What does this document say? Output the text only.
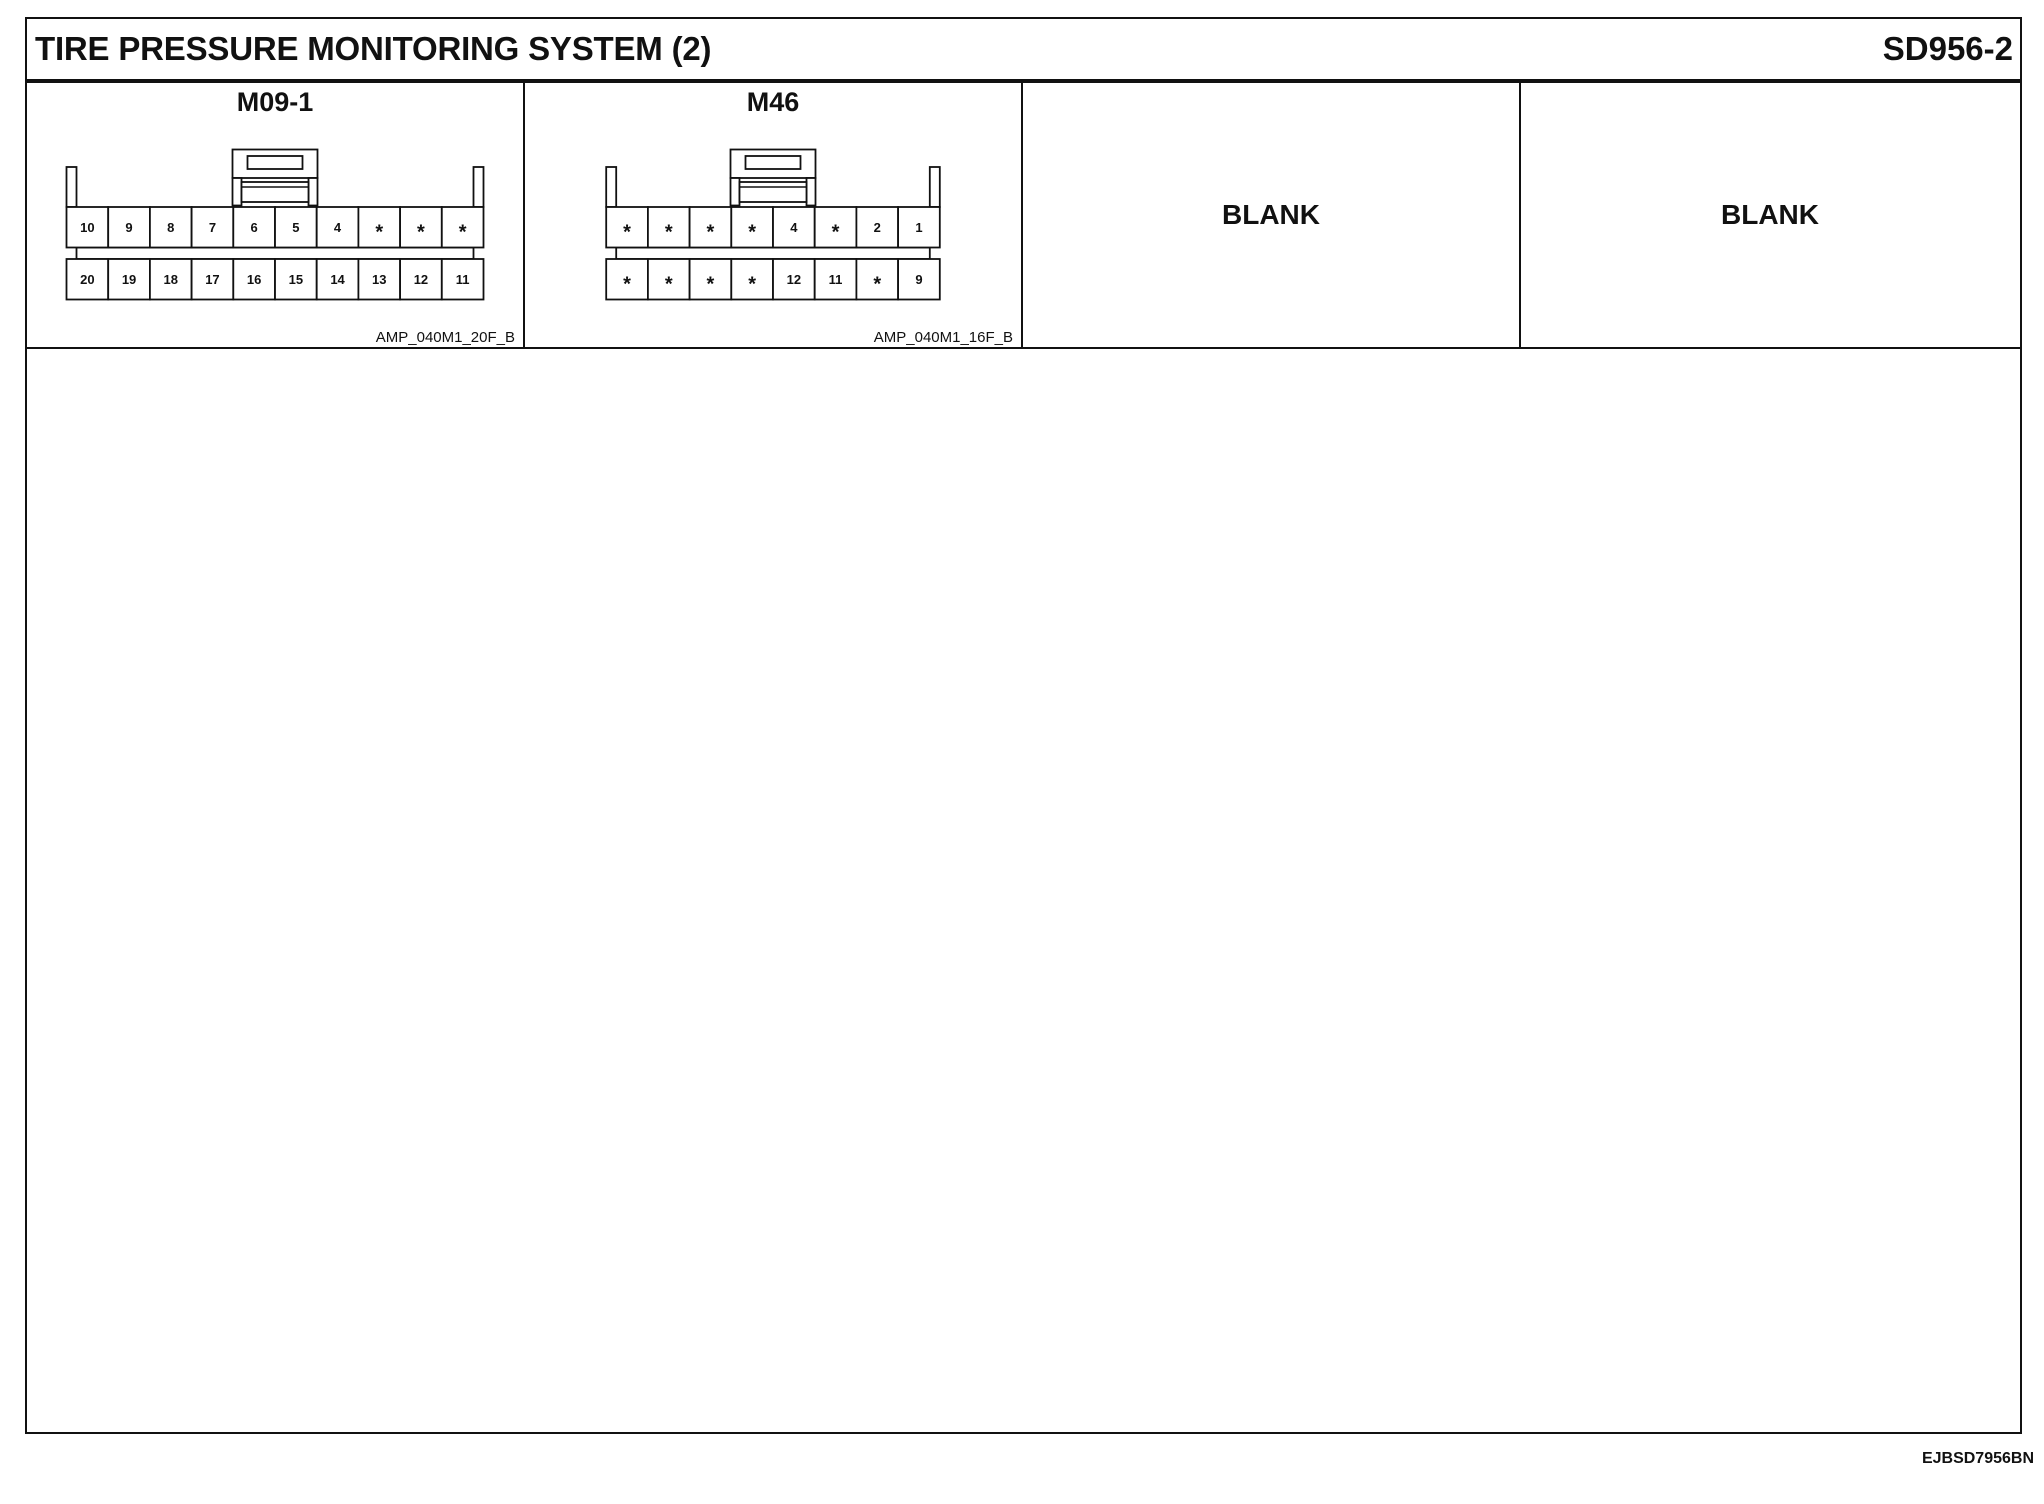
TIRE PRESSURE MONITORING SYSTEM (2)	SD956-2
M09-1
10 9	8	7	6	5	4 * * *
20 19 18 17 16 15 14 13 12 11
AMP_040M1_20F_B
M46
* * * *	4 *	2	1
* * * * 12 11 *	9
AMP_040M1_16F_B
BLANK	BLANK
EJBSD7956BN
